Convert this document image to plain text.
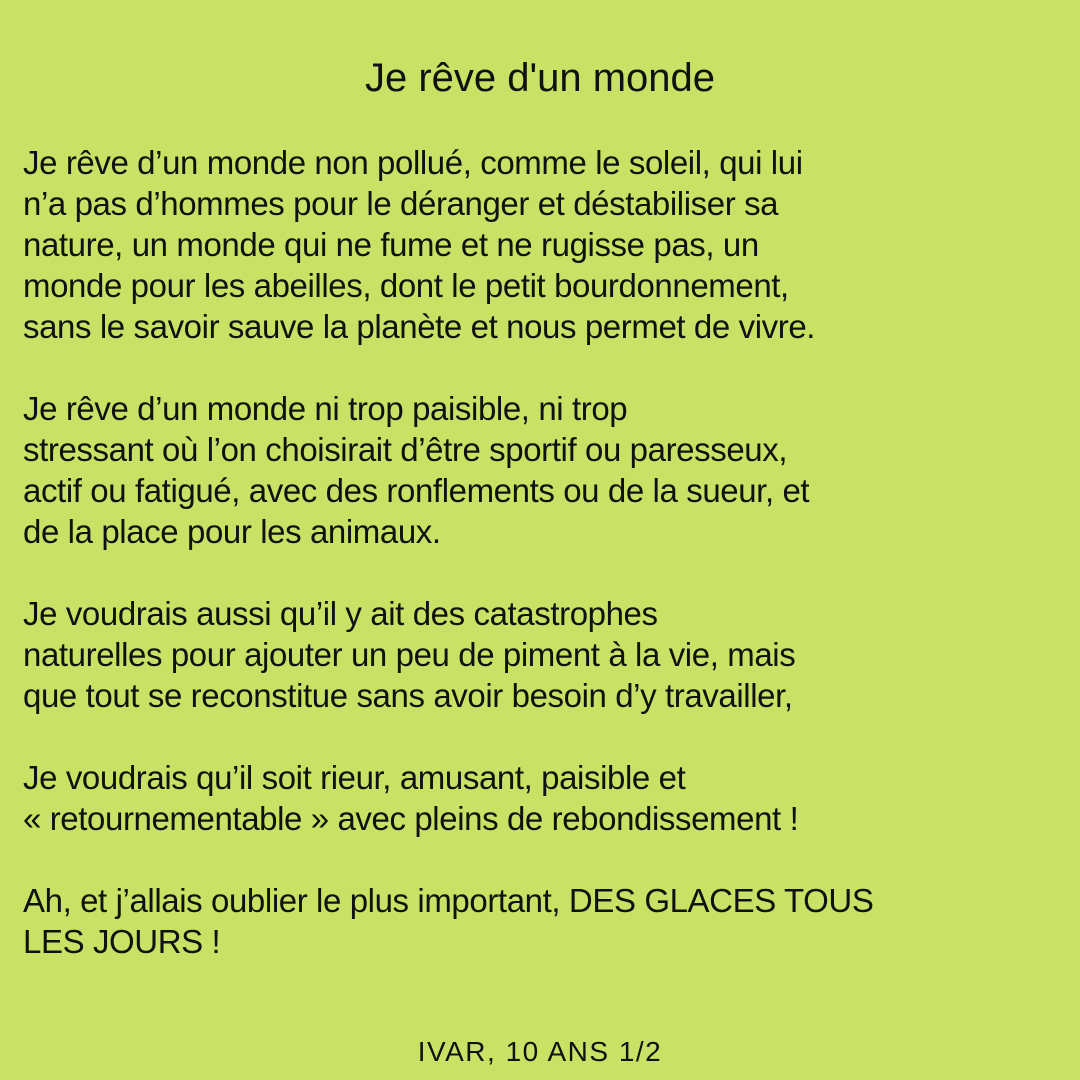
Je rêve d'un monde

Je rêve d’un monde non pollué, comme le soleil, qui lui
n’a pas d’hommes pour le déranger et déstabiliser sa
nature, un monde qui ne fume et ne rugisse pas, un
monde pour les abeilles, dont le petit bourdonnement,
sans le savoir sauve la planète et nous permet de vivre.

Je rêve d’un monde ni trop paisible, ni trop
stressant où l’on choisirait d’être sportif ou paresseux,
actif ou fatigué, avec des ronflements ou de la sueur, et
de la place pour les animaux.

Je voudrais aussi qu’il y ait des catastrophes
naturelles pour ajouter un peu de piment à la vie, mais
que tout se reconstitue sans avoir besoin d’y travailler,

Je voudrais qu’il soit rieur, amusant, paisible et
« retournementable » avec pleins de rebondissement !

Ah, et j’allais oublier le plus important, DES GLACES TOUS
LES JOURS !

IVAR, 10 ANS 1/2
